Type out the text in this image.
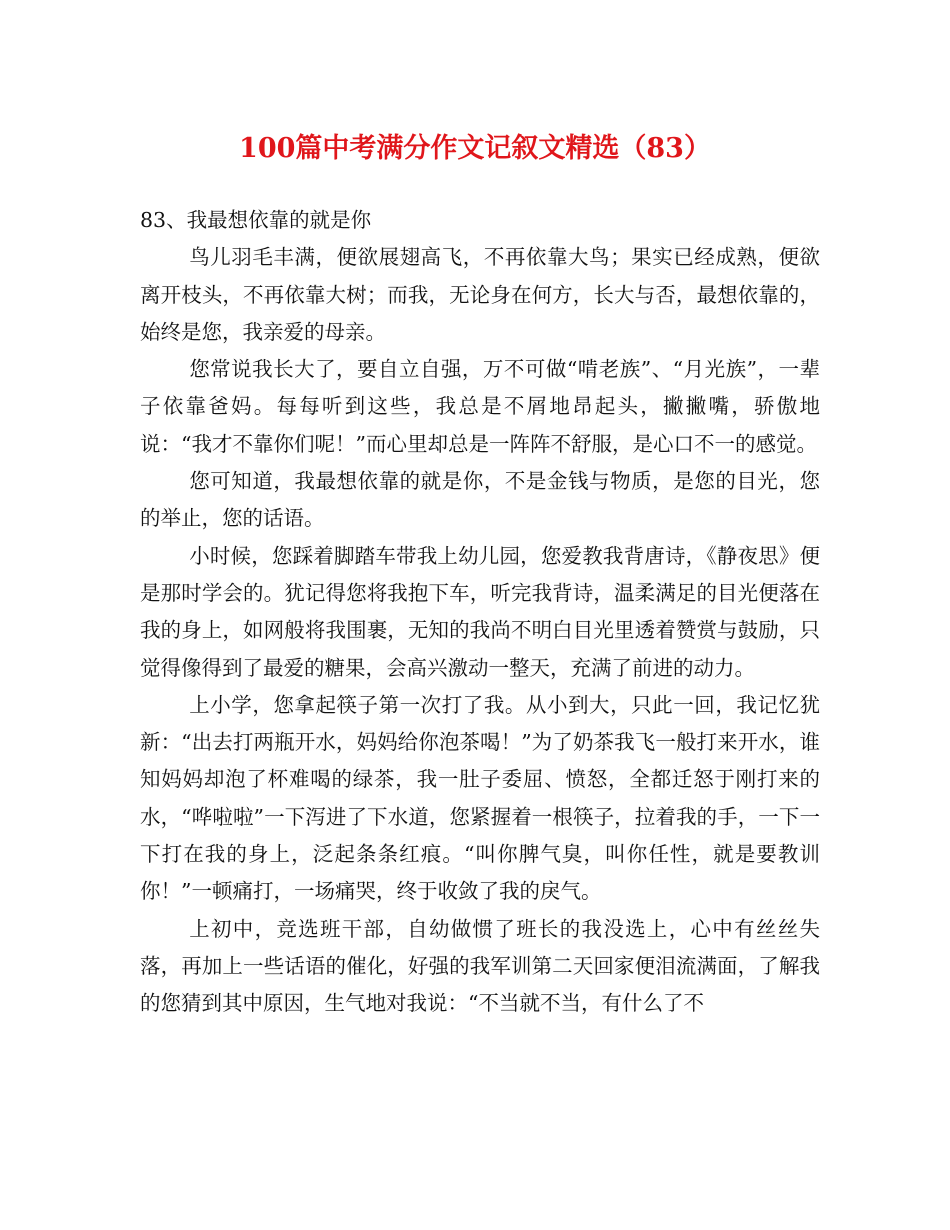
100篇中考满分作文记叙文精选（83）
83、我最想依靠的就是你

鸟儿羽毛丰满，便欲展翅高飞，不再依靠大鸟；果实已经成熟，便欲离开枝头，不再依靠大树；而我，无论身在何方，长大与否，最想依靠的，始终是您，我亲爱的母亲。

您常说我长大了，要自立自强，万不可做“啃老族”、“月光族”，一辈子依靠爸妈。每每听到这些，我总是不屑地昂起头，撇撇嘴，骄傲地说：“我才不靠你们呢！”而心里却总是一阵阵不舒服，是心口不一的感觉。

您可知道，我最想依靠的就是你，不是金钱与物质，是您的目光，您的举止，您的话语。

小时候，您踩着脚踏车带我上幼儿园，您爱教我背唐诗，《静夜思》便是那时学会的。犹记得您将我抱下车，听完我背诗，温柔满足的目光便落在我的身上，如网般将我围裹，无知的我尚不明白目光里透着赞赏与鼓励，只觉得像得到了最爱的糖果，会高兴激动一整天，充满了前进的动力。

上小学，您拿起筷子第一次打了我。从小到大，只此一回，我记忆犹新：“出去打两瓶开水，妈妈给你泡茶喝！”为了奶茶我飞一般打来开水，谁知妈妈却泡了杯难喝的绿茶，我一肚子委屈、愤怒，全都迁怒于刚打来的水，“哗啦啦”一下泻进了下水道，您紧握着一根筷子，拉着我的手，一下一下打在我的身上，泛起条条红痕。“叫你脾气臭，叫你任性，就是要教训你！”一顿痛打，一场痛哭，终于收敛了我的戾气。

上初中，竞选班干部，自幼做惯了班长的我没选上，心中有丝丝失落，再加上一些话语的催化，好强的我军训第二天回家便泪流满面，了解我的您猜到其中原因，生气地对我说：“不当就不当，有什么了不
